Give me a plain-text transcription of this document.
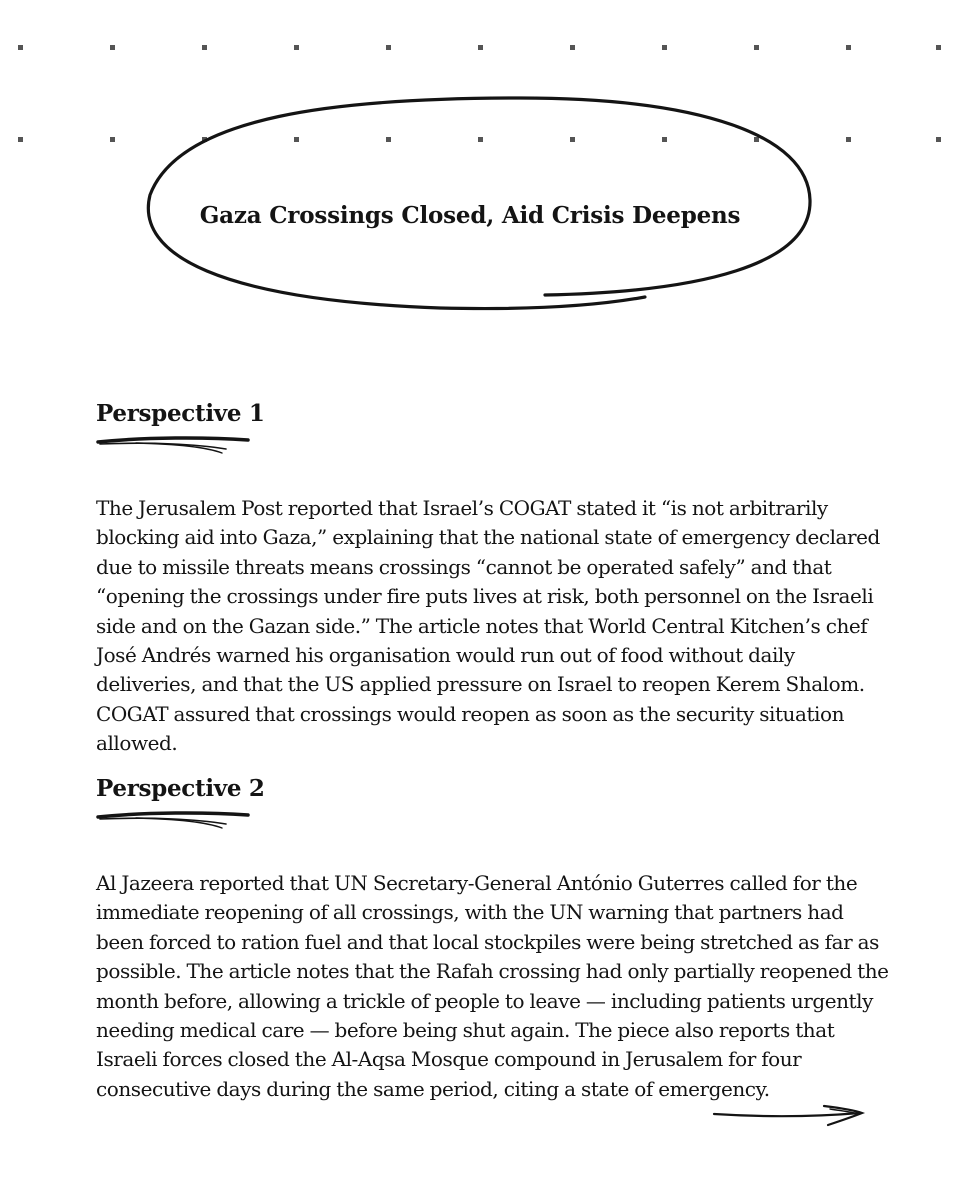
Gaza Crossings Closed, Aid Crisis Deepens
Perspective 1

The Jerusalem Post reported that Israel’s COGAT stated it “is not arbitrarily blocking aid into Gaza,” explaining that the national state of emergency declared due to missile threats means crossings “cannot be operated safely” and that “opening the crossings under fire puts lives at risk, both personnel on the Israeli side and on the Gazan side.” The article notes that World Central Kitchen’s chef José Andrés warned his organisation would run out of food without daily deliveries, and that the US applied pressure on Israel to reopen Kerem Shalom. COGAT assured that crossings would reopen as soon as the security situation allowed.

Perspective 2

Al Jazeera reported that UN Secretary-General António Guterres called for the immediate reopening of all crossings, with the UN warning that partners had been forced to ration fuel and that local stockpiles were being stretched as far as possible. The article notes that the Rafah crossing had only partially reopened the month before, allowing a trickle of people to leave — including patients urgently needing medical care — before being shut again. The piece also reports that Israeli forces closed the Al-Aqsa Mosque compound in Jerusalem for four consecutive days during the same period, citing a state of emergency.
